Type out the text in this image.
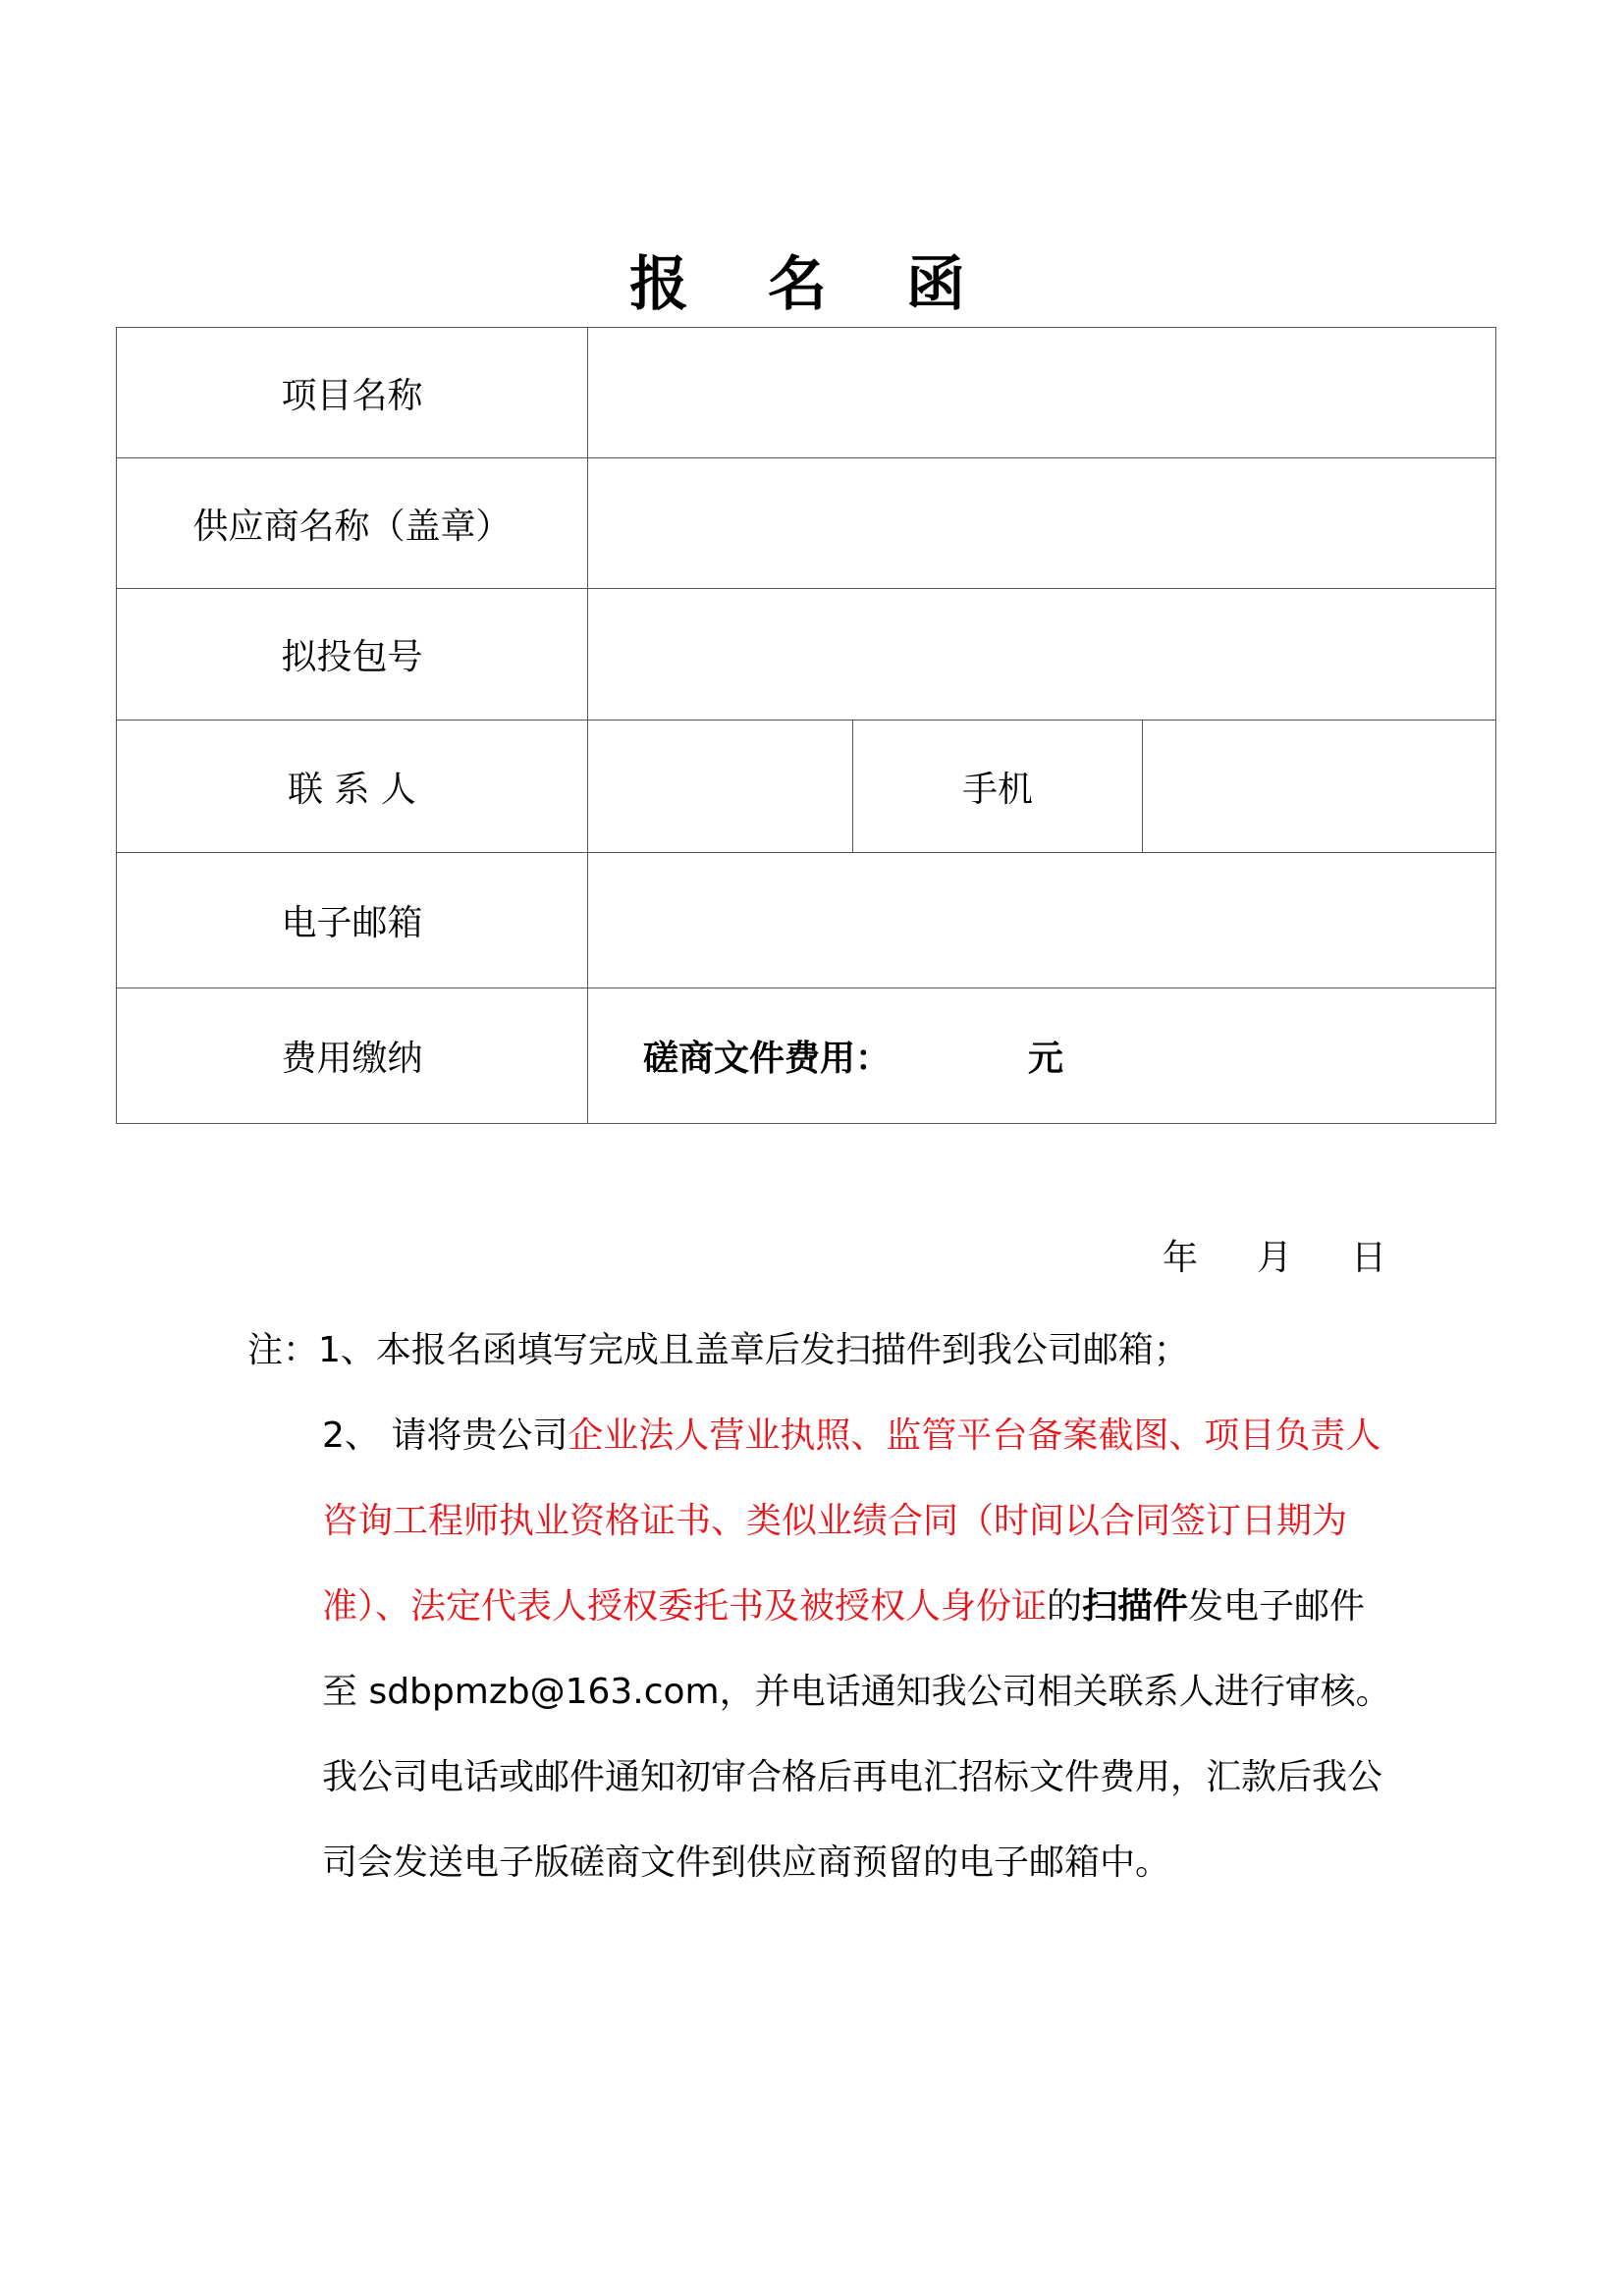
报 名 函
项目名称			
供应商名称（盖章）			
拟投包号			
联 系 人		手机	
电子邮箱			
费用缴纳	磋商文件费用： 元		
年 月 日

注：1、本报名函填写完成且盖章后发扫描件到我公司邮箱；

2、 请将贵公司企业法人营业执照、监管平台备案截图、项目负责人咨询工程师执业资格证书、类似业绩合同（时间以合同签订日期为准）、法定代表人授权委托书及被授权人身份证的扫描件发电子邮件至 sdbpmzb@163.com，并电话通知我公司相关联系人进行审核。我公司电话或邮件通知初审合格后再电汇招标文件费用，汇款后我公司会发送电子版磋商文件到供应商预留的电子邮箱中。
